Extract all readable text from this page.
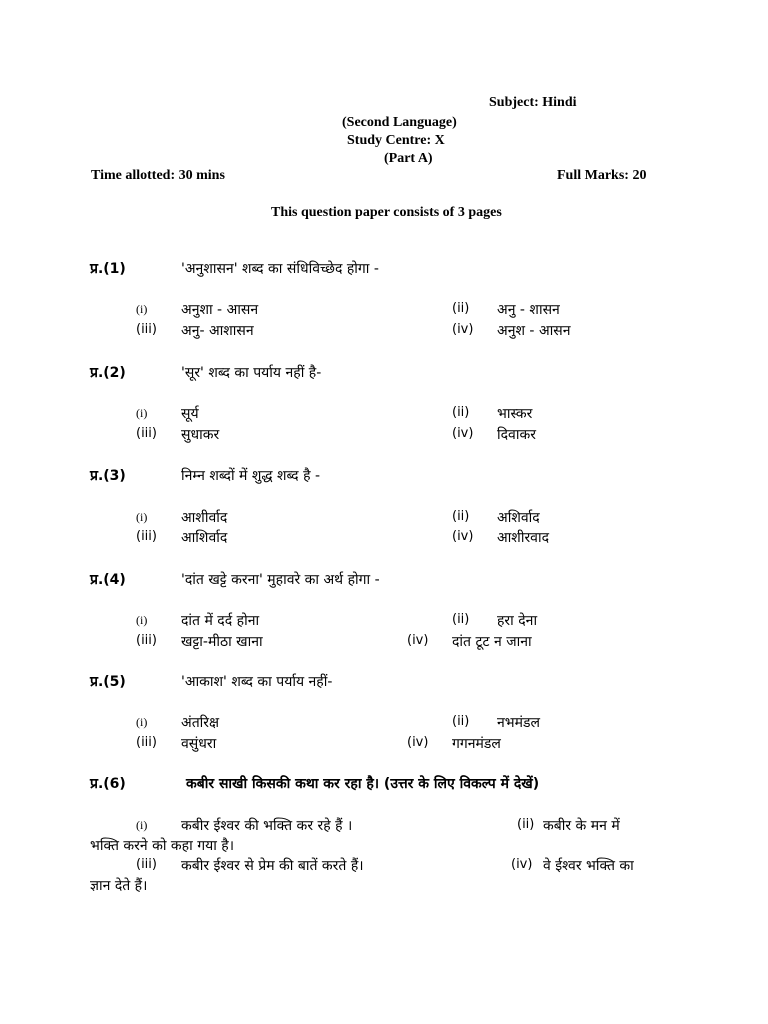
Subject: Hindi
(Second Language)
Study Centre: X
(Part A)
Time allotted: 30 mins	Full Marks: 20
This question paper consists of 3 pages
प्र.(1)	'अनुशासन' शब्द का संधिविच्छेद होगा -
(i) अनुशा - आसन	(ii) अनु - शासन
(iii) अनु- आशासन	(iv) अनुश - आसन
प्र.(2)	'सूर' शब्द का पर्याय नहीं है-
(i) सूर्य	(ii) भास्कर
(iii) सुधाकर	(iv) दिवाकर
प्र.(3)	निम्न शब्दों में शुद्ध शब्द है -
(i) आशीर्वाद	(ii) अशिर्वाद
(iii) आशिर्वाद	(iv) आशीरवाद
प्र.(4)	'दांत खट्टे करना' मुहावरे का अर्थ होगा -
(i) दांत में दर्द होना	(ii) हरा देना
(iii) खट्टा-मीठा खाना	(iv) दांत टूट न जाना
प्र.(5)	'आकाश' शब्द का पर्याय नहीं-
(i) अंतरिक्ष	(ii) नभमंडल
(iii) वसुंधरा	(iv) गगनमंडल
प्र.(6)	कबीर साखी किसकी कथा कर रहा है। (उत्तर के लिए विकल्प में देखें)
(i) कबीर ईश्वर की भक्ति कर रहे हैं ।	(ii) कबीर के मन में
भक्ति करने को कहा गया है।
(iii) कबीर ईश्वर से प्रेम की बातें करते हैं।	(iv) वे ईश्वर भक्ति का
ज्ञान देते हैं।
